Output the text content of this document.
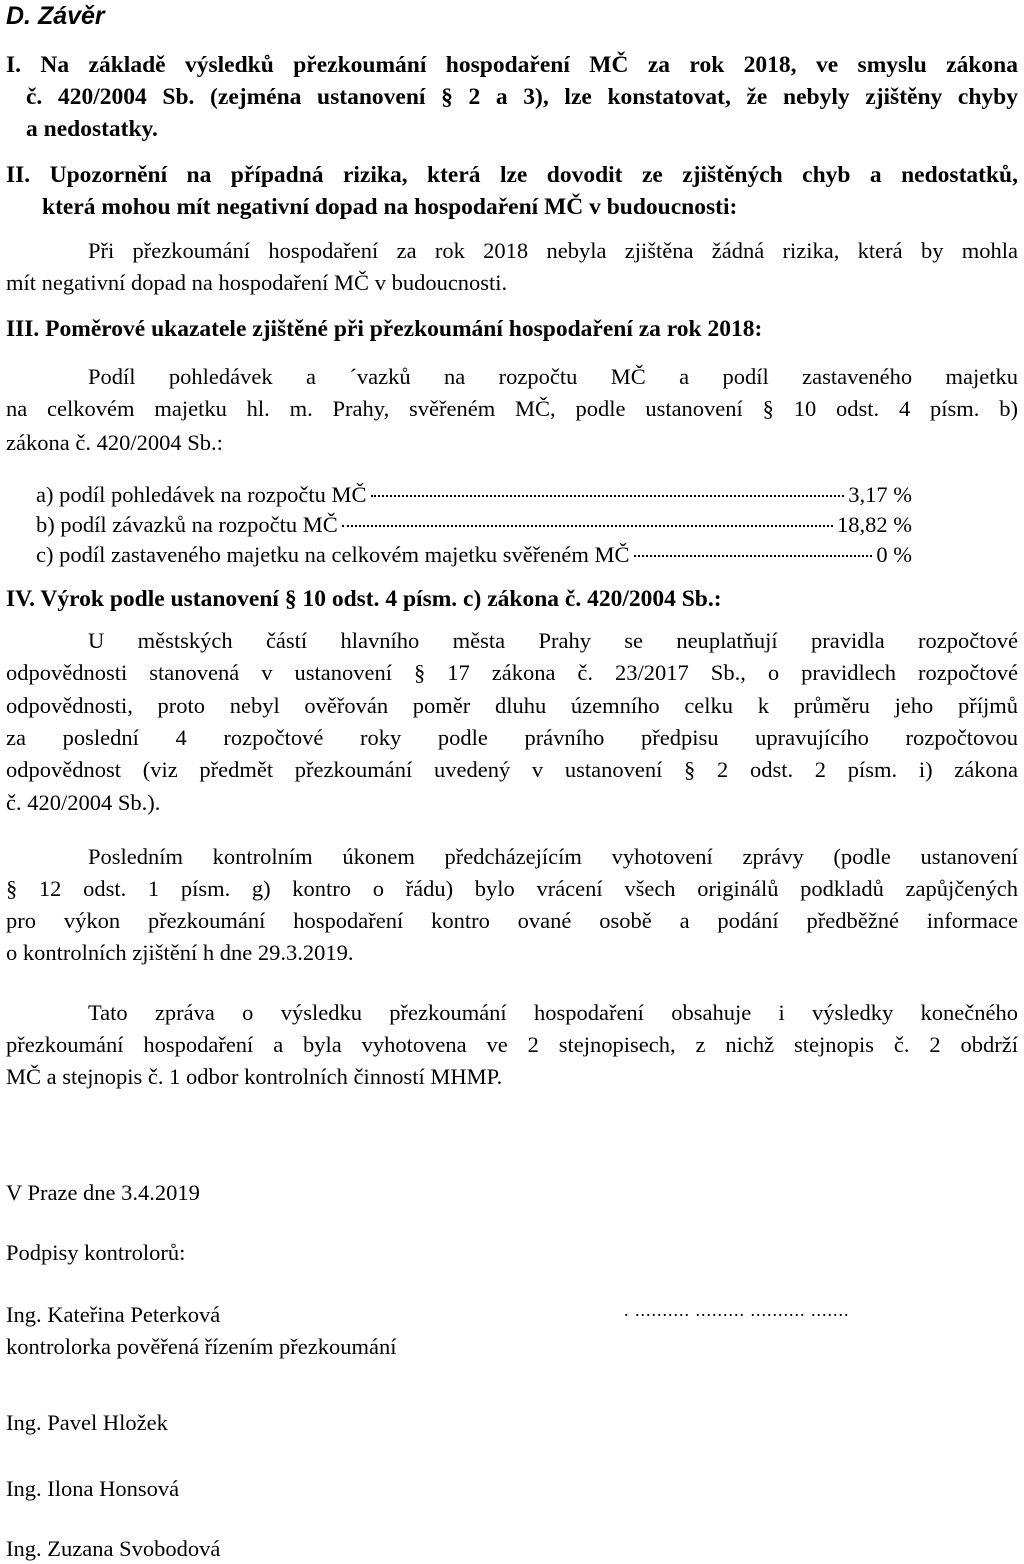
D. Závěr
I. Na základě výsledků přezkoumání hospodaření MČ za rok 2018, ve smyslu zákona
č. 420/2004 Sb. (zejména ustanovení § 2 a 3), lze konstatovat, že nebyly zjištěny chyby
a nedostatky.
II. Upozornění na případná rizika, která lze dovodit ze zjištěných chyb a nedostatků,
která mohou mít negativní dopad na hospodaření MČ v budoucnosti:
Při přezkoumání hospodaření za rok 2018 nebyla zjištěna žádná rizika, která by mohla
mít negativní dopad na hospodaření MČ v budoucnosti.
III. Poměrové ukazatele zjištěné při přezkoumání hospodaření za rok 2018:
Podíl pohledávek a ´vazků na rozpočtu MČ a podíl zastaveného majetku
na celkovém majetku hl. m. Prahy, svěřeném MČ, podle ustanovení § 10 odst. 4 písm. b)
zákona č. 420/2004 Sb.:
a) podíl pohledávek na rozpočtu MČ	3,17 %
b) podíl závazků na rozpočtu MČ	18,82 %
c) podíl zastaveného majetku na celkovém majetku svěřeném MČ	0 %
IV. Výrok podle ustanovení § 10 odst. 4 písm. c) zákona č. 420/2004 Sb.:
U městských částí hlavního města Prahy se neuplatňují pravidla rozpočtové
odpovědnosti stanovená v ustanovení § 17 zákona č. 23/2017 Sb., o pravidlech rozpočtové
odpovědnosti, proto nebyl ověřován poměr dluhu územního celku k průměru jeho příjmů
za poslední 4 rozpočtové roky podle právního předpisu upravujícího rozpočtovou
odpovědnost (viz předmět přezkoumání uvedený v ustanovení § 2 odst. 2 písm. i) zákona
č. 420/2004 Sb.).
Posledním kontrolním úkonem předcházejícím vyhotovení zprávy (podle ustanovení
§ 12 odst. 1 písm. g) kontro o řádu) bylo vrácení všech originálů podkladů zapůjčených
pro výkon přezkoumání hospodaření kontro ované osobě a podání předběžné informace
o kontrolních zjištění h dne 29.3.2019.
Tato zpráva o výsledku přezkoumání hospodaření obsahuje i výsledky konečného
přezkoumání hospodaření a byla vyhotovena ve 2 stejnopisech, z nichž stejnopis č. 2 obdrží
MČ a stejnopis č. 1 odbor kontrolních činností MHMP.
V Praze dne 3.4.2019
Podpisy kontrolorů:
Ing. Kateřina Peterková	. .......... ......... .......... .......
kontrolorka pověřená řízením přezkoumání
Ing. Pavel Hložek
Ing. Ilona Honsová
Ing. Zuzana Svobodová
